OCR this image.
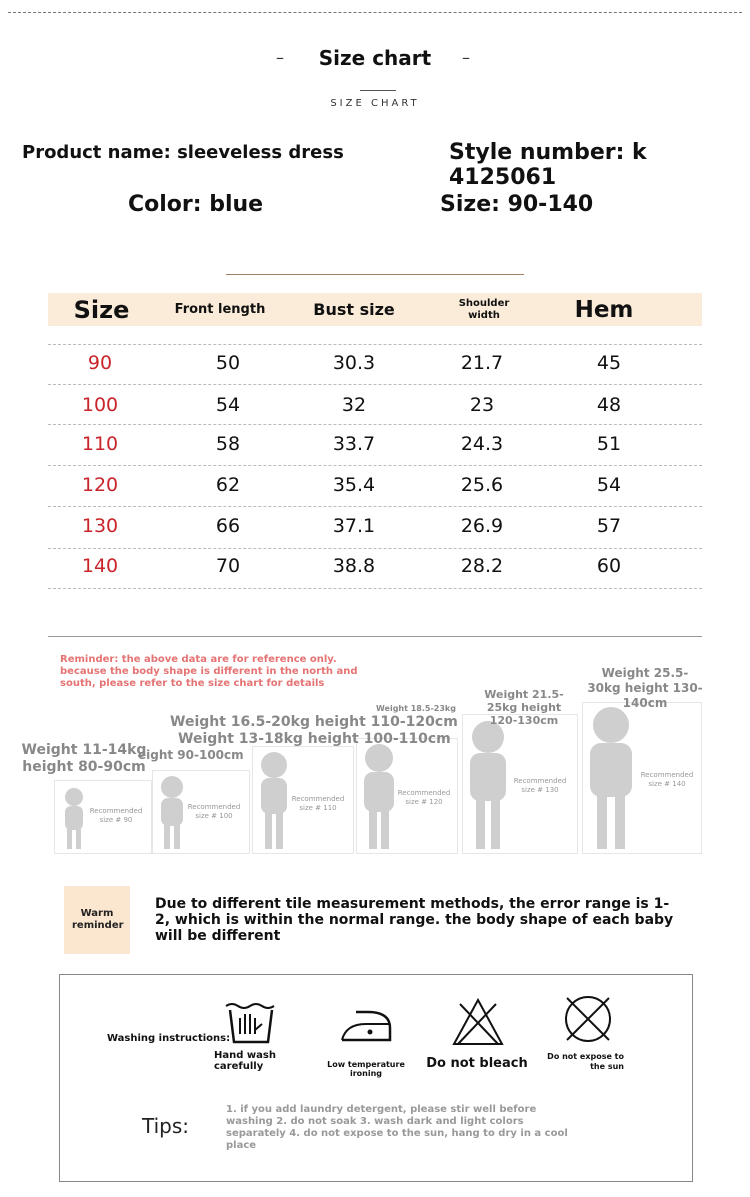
–	Size chart	–
SIZE CHART
Product name: sleeveless dress	Style number: k 4125061
Color: blue	Size: 90-140
Size	Front length	Bust size	Shoulder width	Hem
90	50	30.3	21.7	45
100	54	32	23	48
110	58	33.7	24.3	51
120	62	35.4	25.6	54
130	66	37.1	26.9	57
140	70	38.8	28.2	60
Reminder: the above data are for reference only. because the body shape is different in the north and south, please refer to the size chart for details
Recommended size # 90
Recommended size # 100
Recommended size # 110
Recommended size # 120
Recommended size # 130
Recommended size # 140
Weight 11-14kg height 80-90cm
eight 90-100cm
Weight 16.5-20kg height 110-120cm
Weight 13-18kg height 100-110cm
Weight 18.5-23kg
Weight 21.5-25kg height 120-130cm
Weight 25.5-30kg height 130-140cm
Warm reminder
Due to different tile measurement methods, the error range is 1-2, which is within the normal range. the body shape of each baby will be different
Washing instructions:
Hand wash carefully	Low temperature ironing
Do not bleach	Do not expose to the sun
Tips:
1. if you add laundry detergent, please stir well before washing 2. do not soak 3. wash dark and light colors separately 4. do not expose to the sun, hang to dry in a cool place
